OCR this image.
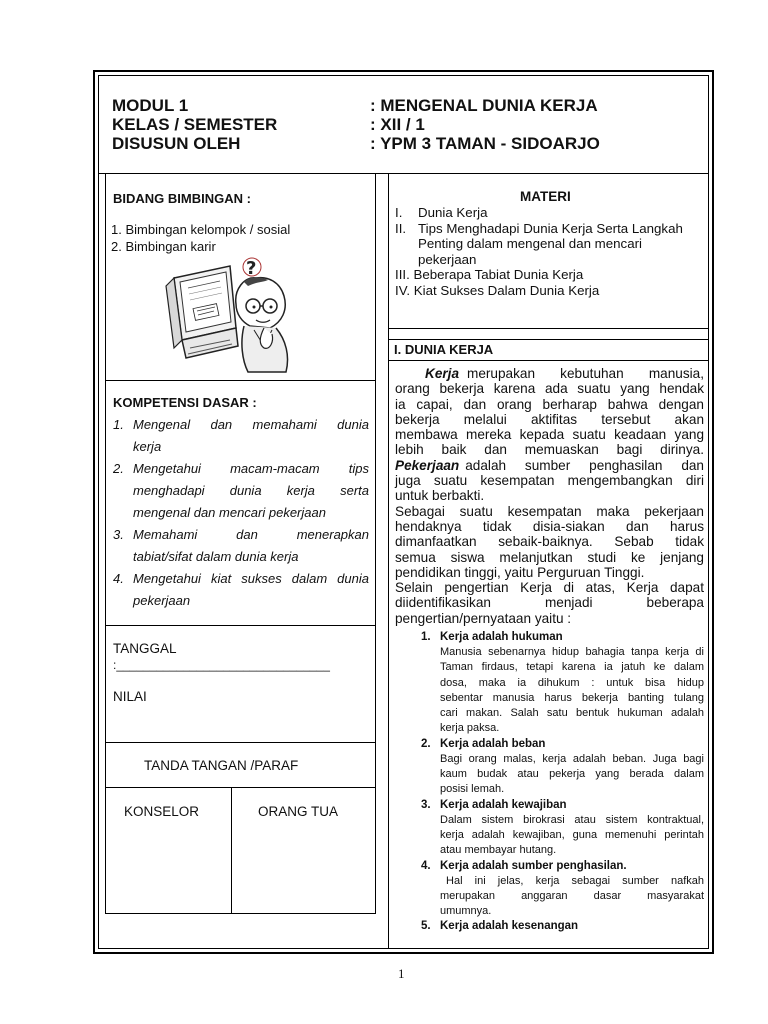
MODUL 1	: MENGENAL DUNIA KERJA
KELAS / SEMESTER	: XII / 1
DISUSUN OLEH	: YPM 3 TAMAN - SIDOARJO
BIDANG BIMBINGAN :
1. Bimbingan kelompok / sosial
2. Bimbingan karir
?
KOMPETENSI DASAR :
1. Mengenal dan memahami dunia
kerja
2. Mengetahui macam-macam tips
menghadapi dunia kerja serta
mengenal dan mencari pekerjaan
3. Memahami dan menerapkan
tabiat/sifat dalam dunia kerja
4. Mengetahui kiat sukses dalam dunia
pekerjaan
TANGGAL
:________________________________
NILAI
TANDA TANGAN /PARAF
KONSELOR	ORANG TUA
MATERI
I.	Dunia Kerja
II. Tips Menghadapi Dunia Kerja Serta Langkah
Penting dalam mengenal dan mencari
pekerjaan
III. Beberapa Tabiat Dunia Kerja
IV. Kiat Sukses Dalam Dunia Kerja
I. DUNIA KERJA
Kerja merupakan kebutuhan manusia,
orang bekerja karena ada suatu yang hendak
ia capai, dan orang berharap bahwa dengan
bekerja melalui aktifitas tersebut akan
membawa mereka kepada suatu keadaan yang
lebih baik dan memuaskan bagi dirinya.
Pekerjaan adalah sumber penghasilan dan
juga suatu kesempatan mengembangkan diri
untuk berbakti.
Sebagai suatu kesempatan maka pekerjaan
hendaknya tidak disia-siakan dan harus
dimanfaatkan sebaik-baiknya. Sebab tidak
semua siswa melanjutkan studi ke jenjang
pendidikan tinggi, yaitu Perguruan Tinggi.
Selain pengertian Kerja di atas, Kerja dapat
diidentifikasikan menjadi beberapa
pengertian/pernyataan yaitu :
1. Kerja adalah hukuman
Manusia sebenarnya hidup bahagia tanpa kerja di
Taman firdaus, tetapi karena ia jatuh ke dalam
dosa, maka ia dihukum : untuk bisa hidup
sebentar manusia harus bekerja banting tulang
cari makan. Salah satu bentuk hukuman adalah
kerja paksa.
2. Kerja adalah beban
Bagi orang malas, kerja adalah beban. Juga bagi
kaum budak atau pekerja yang berada dalam
posisi lemah.
3. Kerja adalah kewajiban
Dalam sistem birokrasi atau sistem kontraktual,
kerja adalah kewajiban, guna memenuhi perintah
atau membayar hutang.
4. Kerja adalah sumber penghasilan.
Hal  ini  jelas,  kerja  sebagai  sumber  nafkah
merupakan anggaran dasar masyarakat
umumnya.
5. Kerja adalah kesenangan
1
